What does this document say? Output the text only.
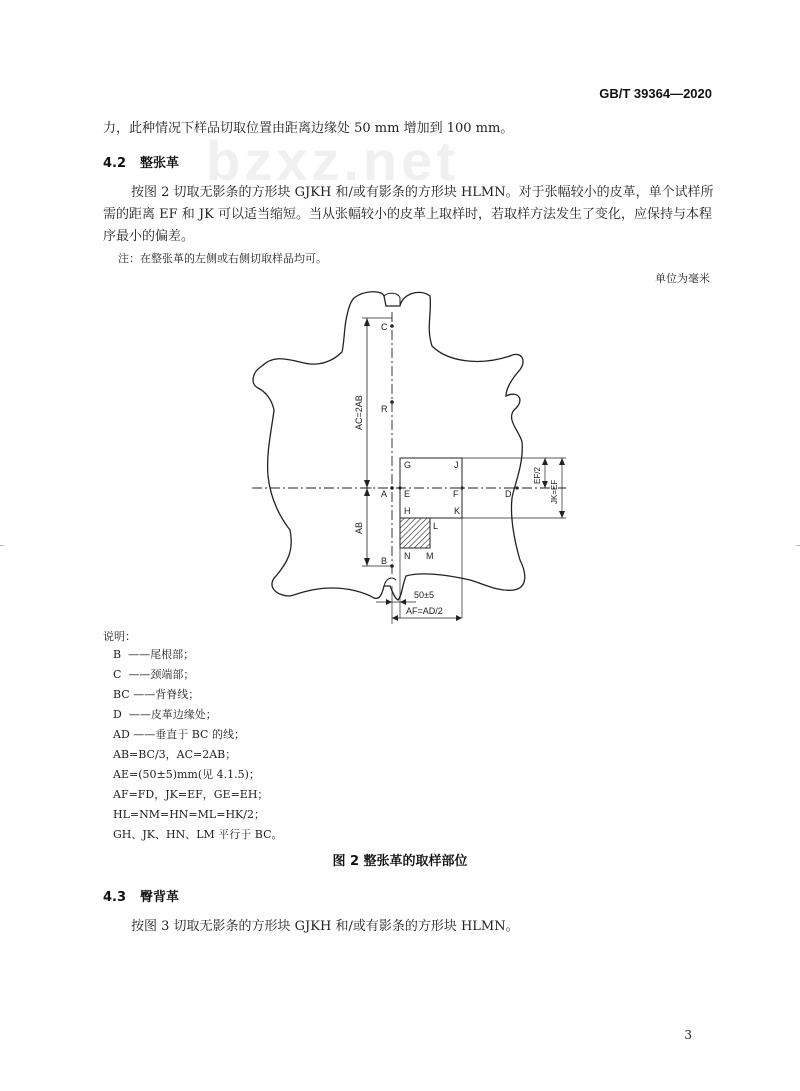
bzxz.net
GB/T 39364—2020
力，此种情况下样品切取位置由距离边缘处 50 mm 增加到 100 mm。
4.2 整张革
按图 2 切取无影条的方形块 GJKH 和/或有影条的方形块 HLMN。对于张幅较小的皮革，单个试样所需的距离 EF 和 JK 可以适当缩短。当从张幅较小的皮革上取样时，若取样方法发生了变化，应保持与本程序最小的偏差。
注：在整张革的左侧或右侧切取样品均可。
单位为毫米
C
R
A
B
E	F	D
G	J
H	K
L
N M
AC=2AB
AB
EF/2
JK=EF
50±5
AF=AD/2
说明：
B  ——尾根部；
C  ——颈端部；
BC ——背脊线；
D  ——皮革边缘处；
AD ——垂直于 BC 的线；
AB=BC/3，AC=2AB；
AE=(50±5)mm(见 4.1.5)；
AF=FD，JK=EF，GE=EH；
HL=NM=HN=ML=HK/2；
GH、JK、HN、LM 平行于 BC。
图 2 整张革的取样部位
4.3 臀背革
按图 3 切取无影条的方形块 GJKH 和/或有影条的方形块 HLMN。
3
